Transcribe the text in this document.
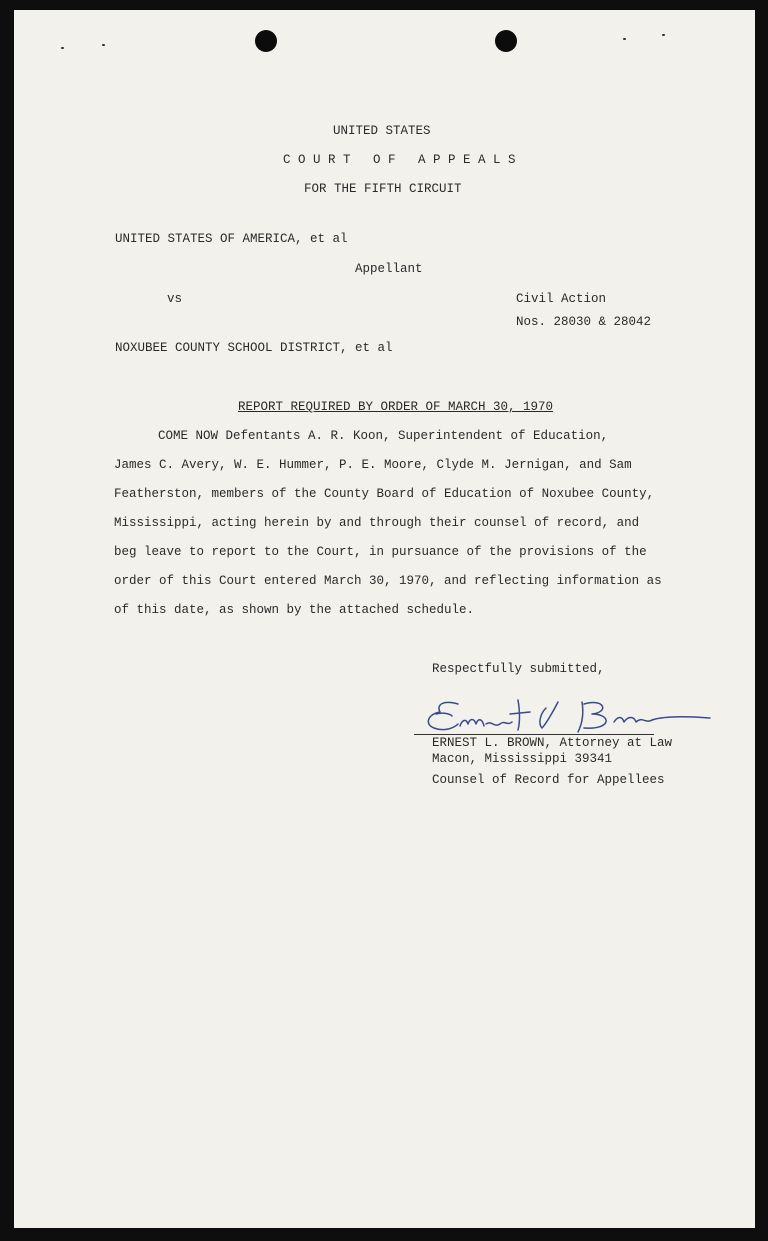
UNITED STATES
C O U R T   O F   A P P E A L S
FOR THE FIFTH CIRCUIT
UNITED STATES OF AMERICA, et al
Appellant
vs	Civil Action
Nos. 28030 & 28042
NOXUBEE COUNTY SCHOOL DISTRICT, et al
REPORT REQUIRED BY ORDER OF MARCH 30, 1970
COME NOW Defentants A. R. Koon, Superintendent of Education,
James C. Avery, W. E. Hummer, P. E. Moore, Clyde M. Jernigan, and Sam
Featherston, members of the County Board of Education of Noxubee County,
Mississippi, acting herein by and through their counsel of record, and
beg leave to report to the Court, in pursuance of the provisions of the
order of this Court entered March 30, 1970, and reflecting information as
of this date, as shown by the attached schedule.
Respectfully submitted,
ERNEST L. BROWN, Attorney at Law
Macon, Mississippi 39341
Counsel of Record for Appellees
